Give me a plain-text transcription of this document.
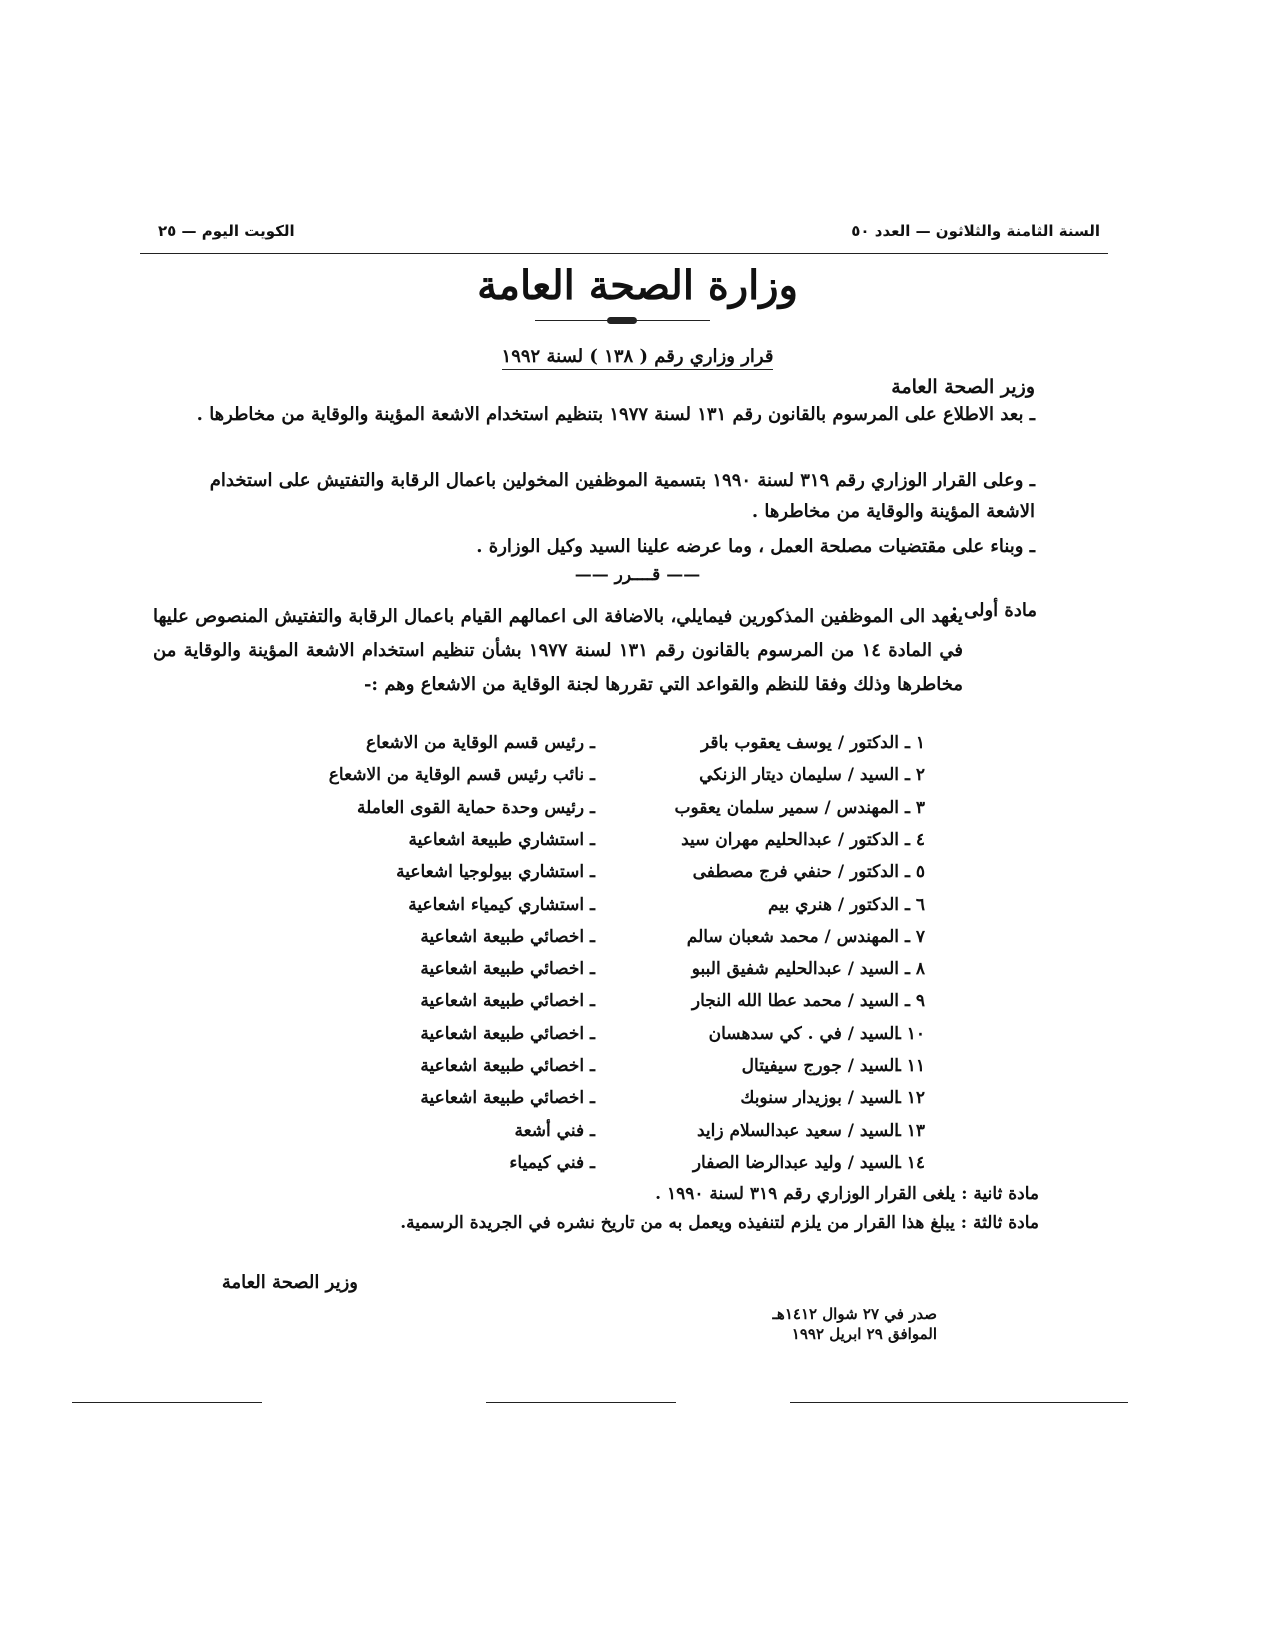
السنة الثامنة والثلاثون — العدد ٥٠
الكويت اليوم — ٢٥
وزارة الصحة العامة
قرار وزاري رقم ( ١٣٨ ) لسنة ١٩٩٢
وزير الصحة العامة
ـ بعد الاطلاع على المرسوم بالقانون رقم ١٣١ لسنة ١٩٧٧ بتنظيم استخدام الاشعة المؤينة والوقاية من مخاطرها .
ـ وعلى القرار الوزاري رقم ٣١٩ لسنة ١٩٩٠ بتسمية الموظفين المخولين باعمال الرقابة والتفتيش على استخدام الاشعة المؤينة والوقاية من مخاطرها .
ـ وبناء على مقتضيات مصلحة العمل ، وما عرضه علينا السيد وكيل الوزارة .
—— قــــرر ——
مادة أولى :
يعهد الى الموظفين المذكورين فيمايلي، بالاضافة الى اعمالهم القيام باعمال الرقابة والتفتيش المنصوص عليها في المادة ١٤ من المرسوم بالقانون رقم ١٣١ لسنة ١٩٧٧ بشأن تنظيم استخدام الاشعة المؤينة والوقاية من مخاطرها وذلك وفقا للنظم والقواعد التي تقررها لجنة الوقاية من الاشعاع وهم :-
١ ـ
الدكتور / يوسف يعقوب باقر
ـ رئيس قسم الوقاية من الاشعاع
٢ ـ
السيد / سليمان ديتار الزنكي
ـ نائب رئيس قسم الوقاية من الاشعاع
٣ ـ
المهندس / سمير سلمان يعقوب
ـ رئيس وحدة حماية القوى العاملة
٤ ـ
الدكتور / عبدالحليم مهران سيد
ـ استشاري طبيعة اشعاعية
٥ ـ
الدكتور / حنفي فرج مصطفى
ـ استشاري بيولوجيا اشعاعية
٦ ـ
الدكتور / هنري بيم
ـ استشاري كيمياء اشعاعية
٧ ـ
المهندس / محمد شعبان سالم
ـ اخصائي طبيعة اشعاعية
٨ ـ
السيد / عبدالحليم شفيق الببو
ـ اخصائي طبيعة اشعاعية
٩ ـ
السيد / محمد عطا الله النجار
ـ اخصائي طبيعة اشعاعية
١٠ ـ
السيد / في . كي سدهسان
ـ اخصائي طبيعة اشعاعية
١١ ـ
السيد / جورج سيفيتال
ـ اخصائي طبيعة اشعاعية
١٢ ـ
السيد / بوزيدار سنوبك
ـ اخصائي طبيعة اشعاعية
١٣ ـ
السيد / سعيد عبدالسلام زايد
ـ فني أشعة
١٤ ـ
السيد / وليد عبدالرضا الصفار
ـ فني كيمياء
مادة ثانية : يلغى القرار الوزاري رقم ٣١٩ لسنة ١٩٩٠ .
مادة ثالثة : يبلغ هذا القرار من يلزم لتنفيذه ويعمل به من تاريخ نشره في الجريدة الرسمية.
وزير الصحة العامة
صدر في ٢٧ شوال ١٤١٢هـ
الموافق ٢٩ ابريل ١٩٩٢
